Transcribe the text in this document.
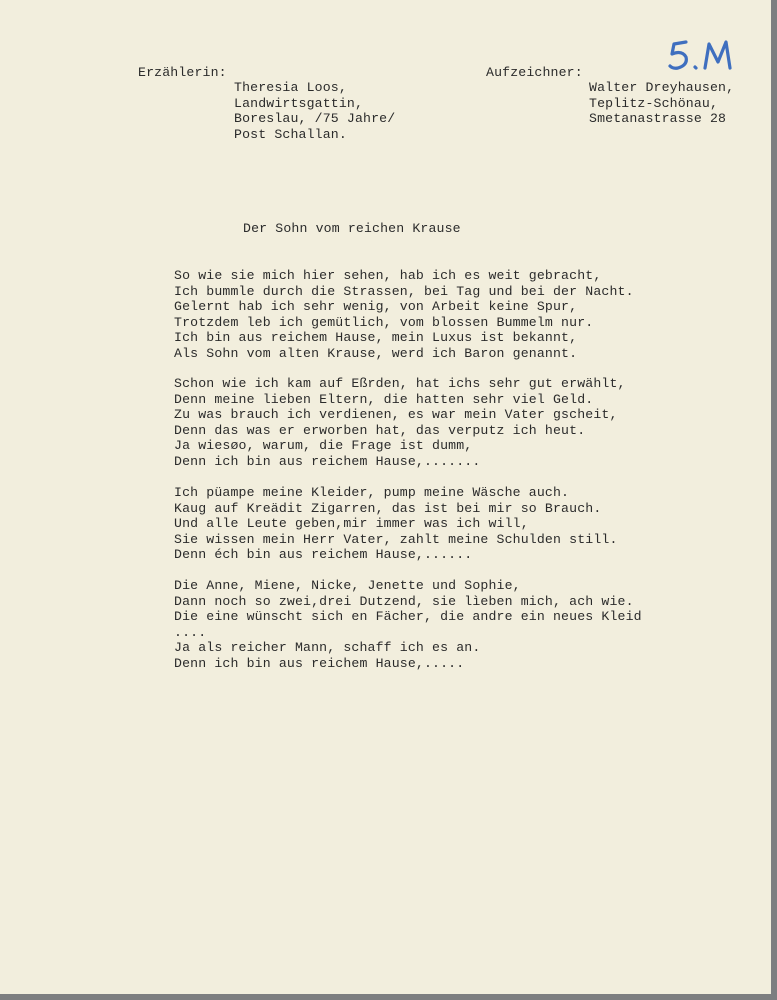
Erzählerin:
Theresia Loos,
Landwirtsgattin,
Boreslau, /75 Jahre/
Post Schallan.
Aufzeichner:
Walter Dreyhausen,
Teplitz-Schönau,
Smetanastrasse 28
Der Sohn vom reichen Krause
So wie sie mich hier sehen, hab ich es weit gebracht,
Ich bummle durch die Strassen, bei Tag und bei der Nacht.
Gelernt hab ich sehr wenig, von Arbeit keine Spur,
Trotzdem leb ich gemütlich, vom blossen Bummelm nur.
Ich bin aus reichem Hause, mein Luxus ist bekannt,
Als Sohn vom alten Krause, werd ich Baron genannt.
Schon wie ich kam auf Eßrden, hat ichs sehr gut erwählt,
Denn meine lieben Eltern, die hatten sehr viel Geld.
Zu was brauch ich verdienen, es war mein Vater gscheit,
Denn das was er erworben hat, das verputz ich heut.
Ja wiesøo, warum, die Frage ist dumm,
Denn ich bin aus reichem Hause,.......
Ich püampe meine Kleider, pump meine Wäsche auch.
Kaug auf Kreädit Zigarren, das ist bei mir so Brauch.
Und alle Leute geben,mir immer was ich will,
Sie wissen mein Herr Vater, zahlt meine Schulden still.
Denn éch bin aus reichem Hause,......
Die Anne, Miene, Nicke, Jenette und Sophie,
Dann noch so zwei,drei Dutzend, sie lìeben mich, ach wie.
Die eine wünscht sich en Fächer, die andre ein neues Kleid
....
Ja als reicher Mann, schaff ich es an.
Denn ich bin aus reichem Hause,.....
